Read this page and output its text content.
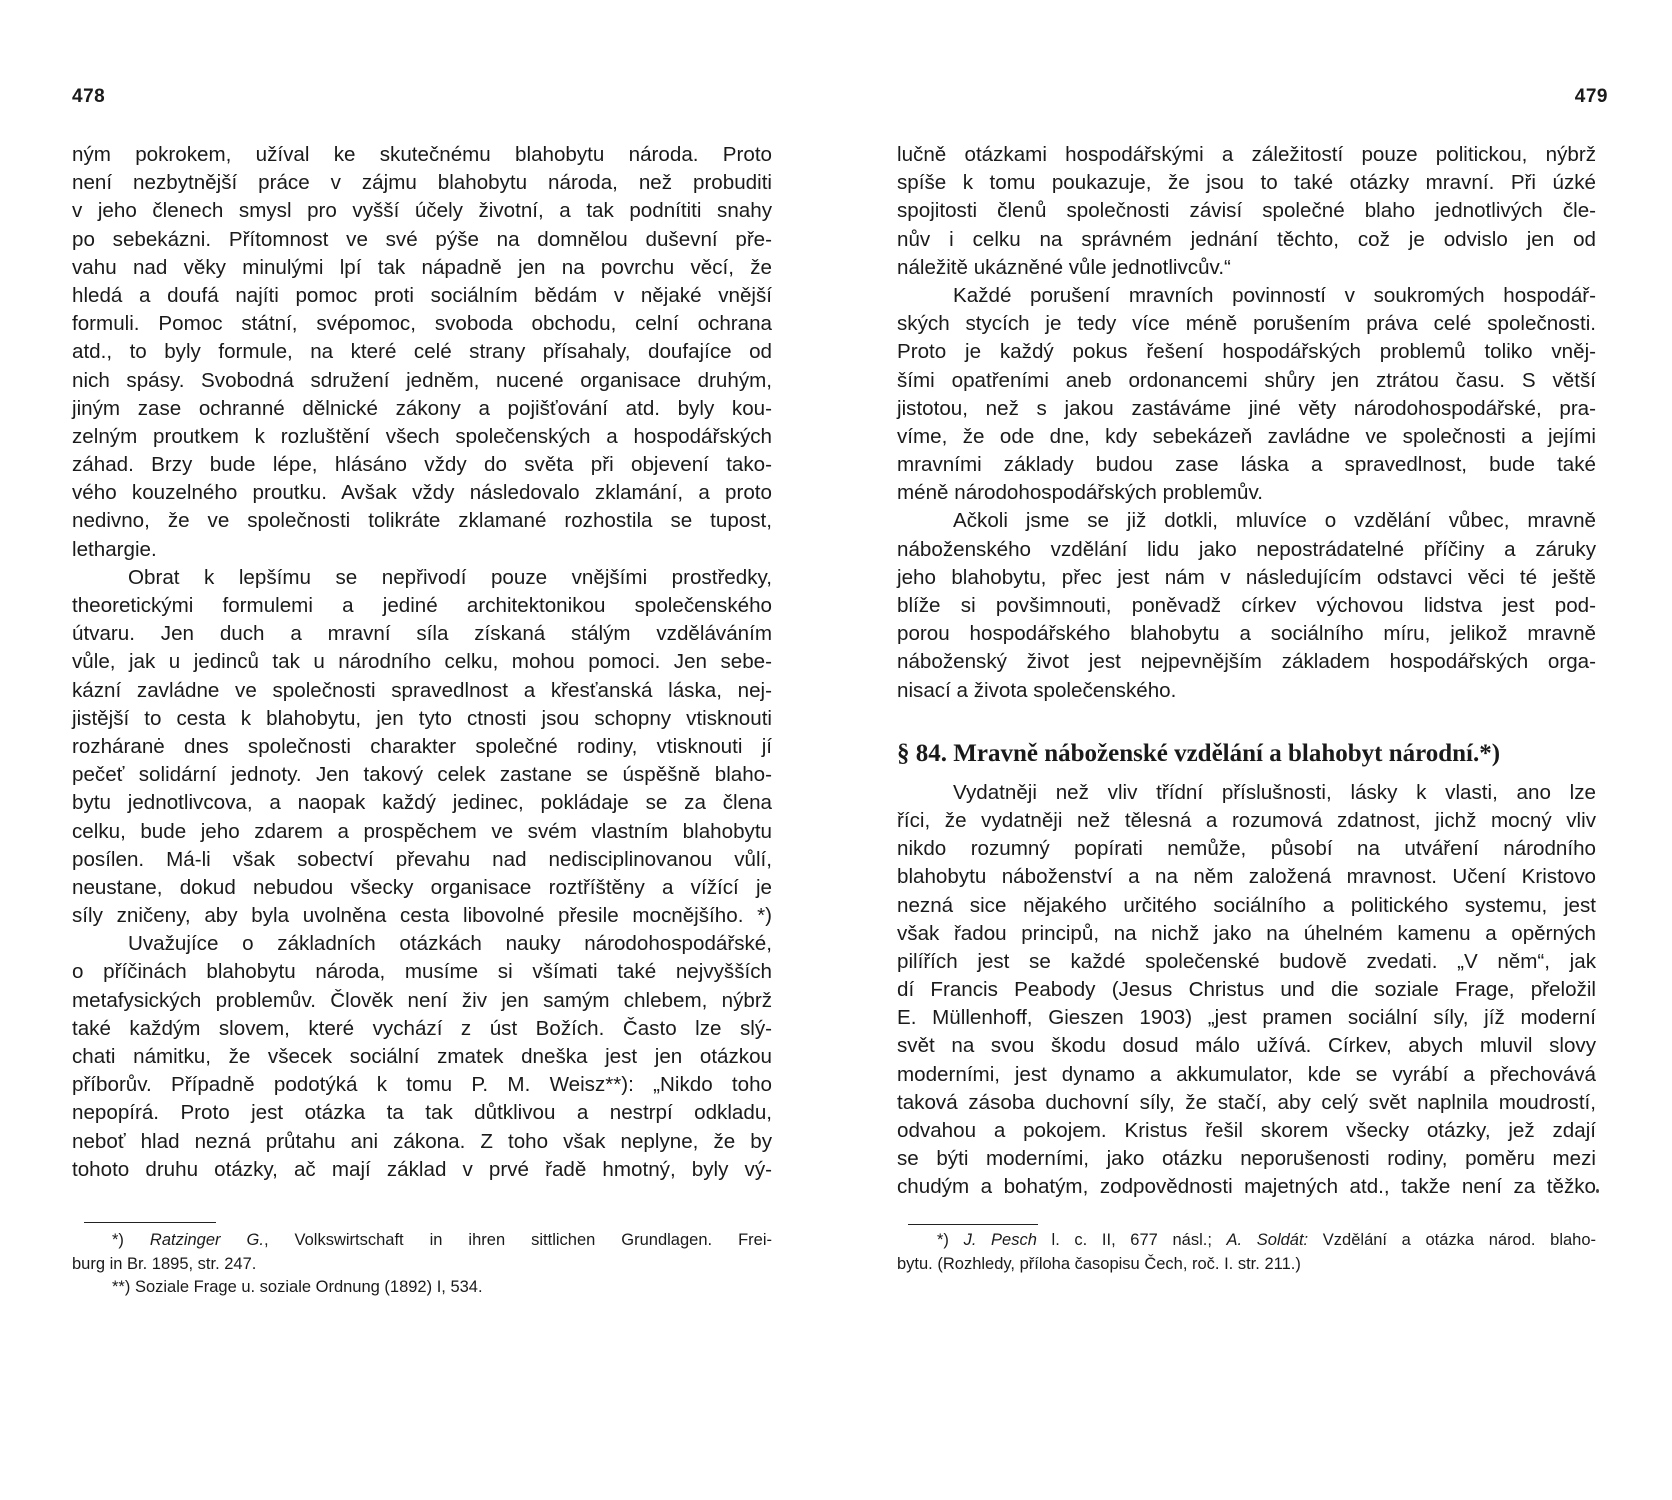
478
ným pokrokem, užíval ke skutečnému blahobytu národa. Proto
není nezbytnější práce v zájmu blahobytu národa, než probuditi
v jeho členech smysl pro vyšší účely životní, a tak podnítiti snahy
po sebekázni. Přítomnost ve své pýše na domnělou duševní pře-
vahu nad věky minulými lpí tak nápadně jen na povrchu věcí, že
hledá a doufá najíti pomoc proti sociálním bědám v nějaké vnější
formuli. Pomoc státní, svépomoc, svoboda obchodu, celní ochrana
atd., to byly formule, na které celé strany přísahaly, doufajíce od
nich spásy. Svobodná sdružení jedněm, nucené organisace druhým,
jiným zase ochranné dělnické zákony a pojišťování atd. byly kou-
zelným proutkem k rozluštění všech společenských a hospodářských
záhad. Brzy bude lépe, hlásáno vždy do světa při objevení tako-
vého kouzelného proutku. Avšak vždy následovalo zklamání, a proto
nedivno, že ve společnosti tolikráte zklamané rozhostila se tupost,
lethargie.
Obrat k lepšímu se nepřivodí pouze vnějšími prostředky,
theoretickými formulemi a jediné architektonikou společenského
útvaru. Jen duch a mravní síla získaná stálým vzděláváním
vůle, jak u jedinců tak u národního celku, mohou pomoci. Jen sebe-
kázní zavládne ve společnosti spravedlnost a křesťanská láska, nej-
jistější to cesta k blahobytu, jen tyto ctnosti jsou schopny vtisknouti
rozháranė dnes společnosti charakter společné rodiny, vtisknouti jí
pečeť solidární jednoty. Jen takový celek zastane se úspěšně blaho-
bytu jednotlivcova, a naopak každý jedinec, pokládaje se za člena
celku, bude jeho zdarem a prospěchem ve svém vlastním blahobytu
posílen. Má-li však sobectví převahu nad nedisciplinovanou vůlí,
neustane, dokud nebudou všecky organisace roztříštěny a vížící je
síly zničeny, aby byla uvolněna cesta libovolné přesile mocnějšího. *)
Uvažujíce o základních otázkách nauky národohospodářské,
o příčinách blahobytu národa, musíme si všímati také nejvyšších
metafysických problemův. Člověk není živ jen samým chlebem, nýbrž
také každým slovem, které vychází z úst Božích. Často lze slý-
chati námitku, že všecek sociální zmatek dneška jest jen otázkou
příborův. Případně podotýká k tomu P. M. Weisz**): „Nikdo toho
nepopírá. Proto jest otázka ta tak důtklivou a nestrpí odkladu,
neboť hlad nezná průtahu ani zákona. Z toho však neplyne, že by
tohoto druhu otázky, ač mají základ v prvé řadě hmotný, byly vý-
*) Ratzinger G., Volkswirtschaft in ihren sittlichen Grundlagen. Frei-
burg in Br. 1895, str. 247.
**) Soziale Frage u. soziale Ordnung (1892) I, 534.
479
lučně otázkami hospodářskými a záležitostí pouze politickou, nýbrž
spíše k tomu poukazuje, že jsou to také otázky mravní. Při úzké
spojitosti členů společnosti závisí společné blaho jednotlivých čle-
nův i celku na správném jednání těchto, což je odvislo jen od
náležitě ukázněné vůle jednotlivcův.“
Každé porušení mravních povinností v soukromých hospodář-
ských stycích je tedy více méně porušením práva celé společnosti.
Proto je každý pokus řešení hospodářských problemů toliko vněj-
šími opatřeními aneb ordonancemi shůry jen ztrátou času. S větší
jistotou, než s jakou zastáváme jiné věty národohospodářské, pra-
víme, že ode dne, kdy sebekázeň zavládne ve společnosti a jejími
mravními základy budou zase láska a spravedlnost, bude také
méně národohospodářských problemův.
Ačkoli jsme se již dotkli, mluvíce o vzdělání vůbec, mravně
náboženského vzdělání lidu jako nepostrádatelné příčiny a záruky
jeho blahobytu, přec jest nám v následujícím odstavci věci té ještě
blíže si povšimnouti, poněvadž církev výchovou lidstva jest pod-
porou hospodářského blahobytu a sociálního míru, jelikož mravně
náboženský život jest nejpevnějším základem hospodářských orga-
nisací a života společenského.
§ 84. Mravně náboženské vzdělání a blahobyt národní.*)
Vydatněji než vliv třídní příslušnosti, lásky k vlasti, ano lze
říci, že vydatněji než tělesná a rozumová zdatnost, jichž mocný vliv
nikdo rozumný popírati nemůže, působí na utváření národního
blahobytu náboženství a na něm založená mravnost. Učení Kristovo
nezná sice nějakého určitého sociálního a politického systemu, jest
však řadou principů, na nichž jako na úhelném kamenu a opěrných
pilířích jest se každé společenské budově zvedati. „V něm“, jak
dí Francis Peabody (Jesus Christus und die soziale Frage, přeložil
E. Müllenhoff, Gieszen 1903) „jest pramen sociální síly, jíž moderní
svět na svou škodu dosud málo užívá. Církev, abych mluvil slovy
moderními, jest dynamo a akkumulator, kde se vyrábí a přechovává
taková zásoba duchovní síly, že stačí, aby celý svět naplnila moudrostí,
odvahou a pokojem. Kristus řešil skorem všecky otázky, jež zdají
se býti moderními, jako otázku neporušenosti rodiny, poměru mezi
chudým a bohatým, zodpovědnosti majetných atd., takže není za těžko
*) J. Pesch l. c. II, 677 násl.; A. Soldát: Vzdělání a otázka národ. blaho-
bytu. (Rozhledy, příloha časopisu Čech, roč. I. str. 211.)
